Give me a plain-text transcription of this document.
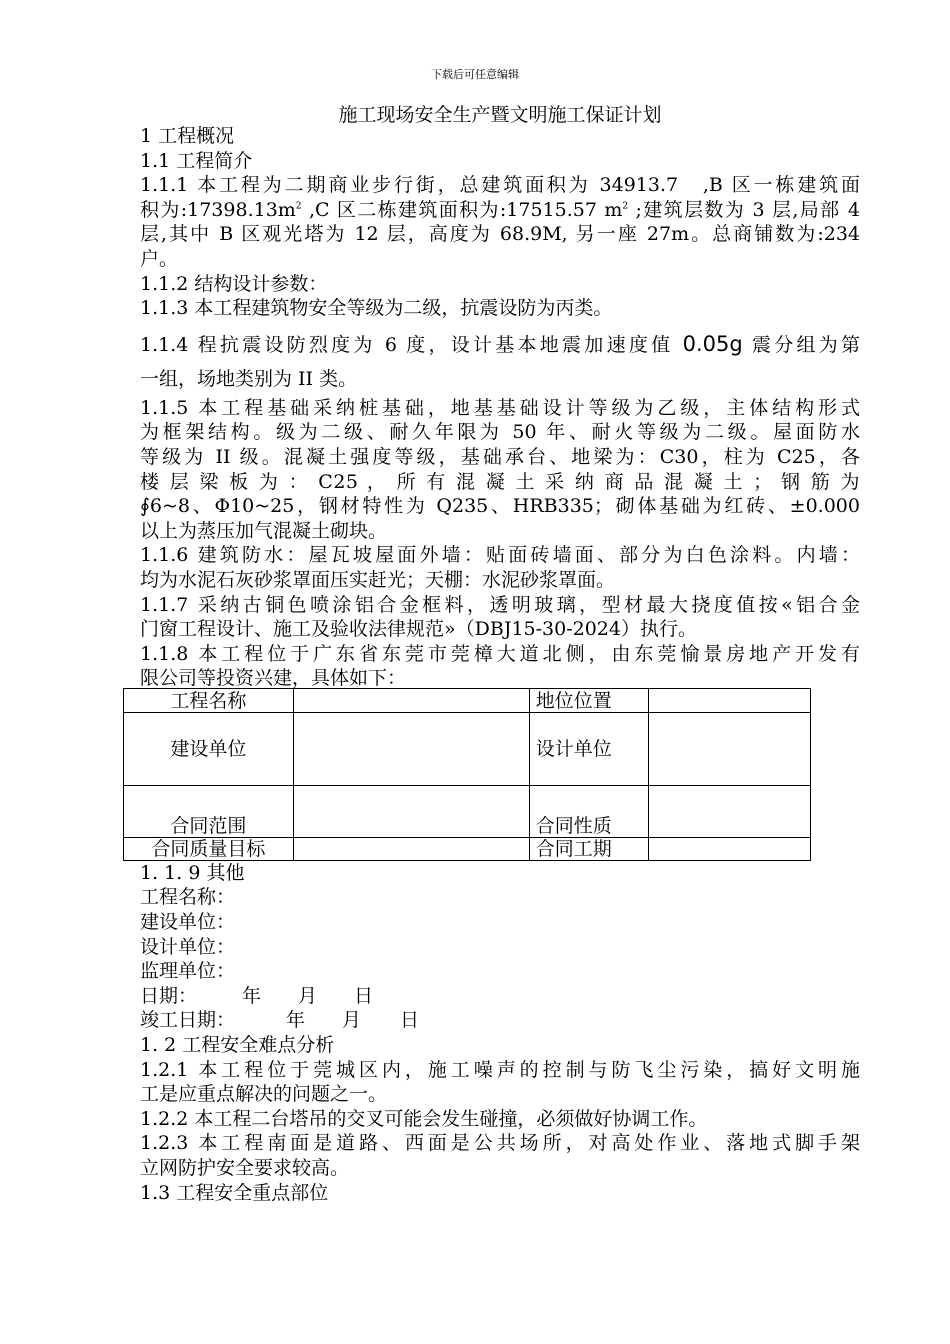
下载后可任意编辑
施工现场安全生产暨文明施工保证计划

1 工程概况

1.1 工程简介

1.1.1 本工程为二期商业步行街，总建筑面积为 34913.7　,B 区一栋建筑面

积为$:17398.13m^2$ ,C 区二栋建筑面积为:17515.57 $m^2$ ;建筑层数为 3 层,局部 4

层,其中 B 区观光塔为 12 层，高度为 68.9M, 另一座 27m。总商铺数为:234

户。

1.1.2 结构设计参数：

1.1.3 本工程建筑物安全等级为二级，抗震设防为丙类。

1.1.4 程抗震设防烈度为 6 度，设计基本地震加速度值 0.05g 震分组为第

一组，场地类别为 II 类。

1.1.5 本工程基础采纳桩基础，地基基础设计等级为乙级，主体结构形式

为框架结构。级为二级、耐久年限为 50 年、耐火等级为二级。屋面防水

等级为 II 级。混凝土强度等级，基础承台、地梁为：C30，柱为 C25，各

楼 层 梁 板 为 ： C25 ， 所 有 混 凝 土 采 纳 商 品 混 凝 土 ； 钢 筋 为

∮6~8、Φ10~25，钢材特性为 Q235、HRB335；砌体基础为红砖、±0.000

以上为蒸压加气混凝土砌块。

1.1.6 建筑防水：屋瓦坡屋面外墙：贴面砖墙面、部分为白色涂料。内墙：

均为水泥石灰砂浆罩面压实赶光；天棚：水泥砂浆罩面。

1.1.7 采纳古铜色喷涂铝合金框料，透明玻璃，型材最大挠度值按«铝合金

门窗工程设计、施工及验收法律规范»（DBJ15-30-2024）执行。

1.1.8 本工程位于广东省东莞市莞樟大道北侧，由东莞愉景房地产开发有

限公司等投资兴建，具体如下：

工程名称		地位位置	
建设单位		设计单位	
合同范围		合同性质	
合同质量目标		合同工期	

1. 1. 9 其他

工程名称：

建设单位：

设计单位：

监理单位：

日期： 年 月 日

竣工日期：	年 月 日

1. 2 工程安全难点分析

1.2.1 本工程位于莞城区内，施工噪声的控制与防飞尘污染，搞好文明施

工是应重点解决的问题之一。

1.2.2 本工程二台塔吊的交叉可能会发生碰撞，必须做好协调工作。

1.2.3 本工程南面是道路、西面是公共场所，对高处作业、落地式脚手架

立网防护安全要求较高。

1.3 工程安全重点部位
